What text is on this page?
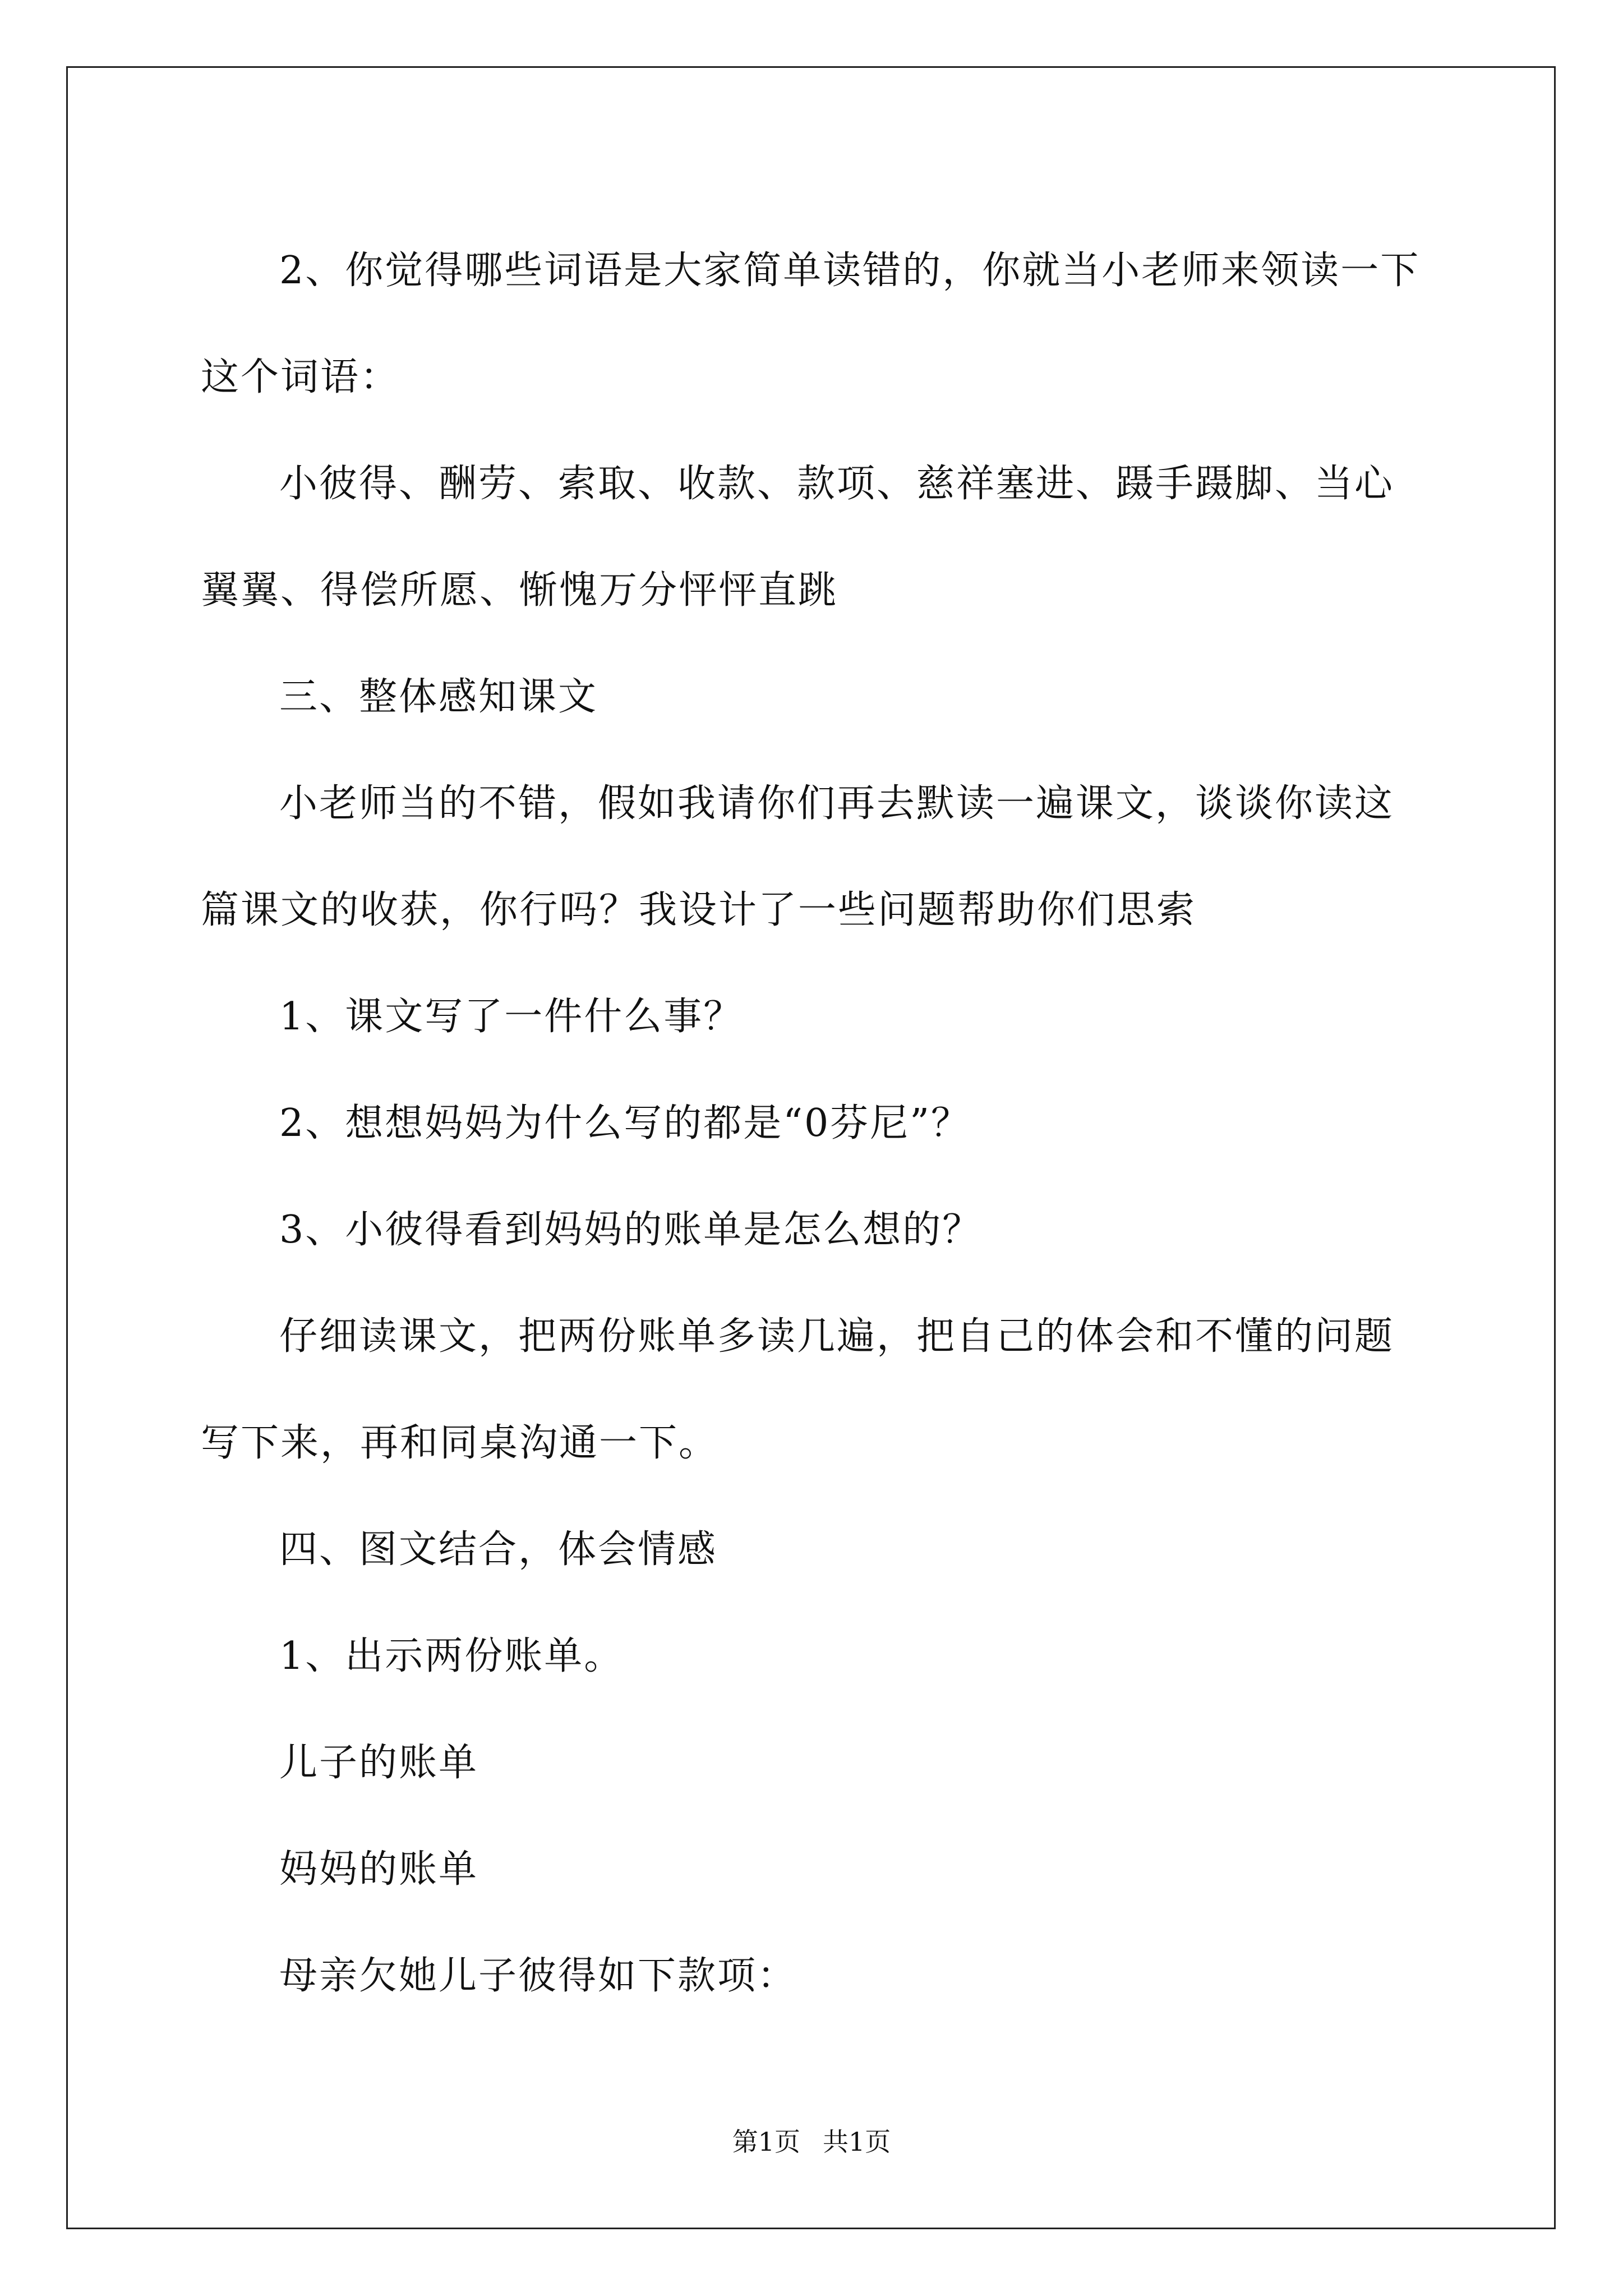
2、你觉得哪些词语是大家简单读错的，你就当小老师来领读一下这个词语：

小彼得、酬劳、索取、收款、款项、慈祥塞进、蹑手蹑脚、当心翼翼、得偿所愿、惭愧万分怦怦直跳

三、整体感知课文

小老师当的不错，假如我请你们再去默读一遍课文，谈谈你读这篇课文的收获，你行吗？我设计了一些问题帮助你们思索

1、课文写了一件什么事？

2、想想妈妈为什么写的都是“0芬尼”？

3、小彼得看到妈妈的账单是怎么想的？

仔细读课文，把两份账单多读几遍，把自己的体会和不懂的问题写下来，再和同桌沟通一下。

四、图文结合，体会情感

1、出示两份账单。

儿子的账单

妈妈的账单

母亲欠她儿子彼得如下款项：

第1页 共1页
